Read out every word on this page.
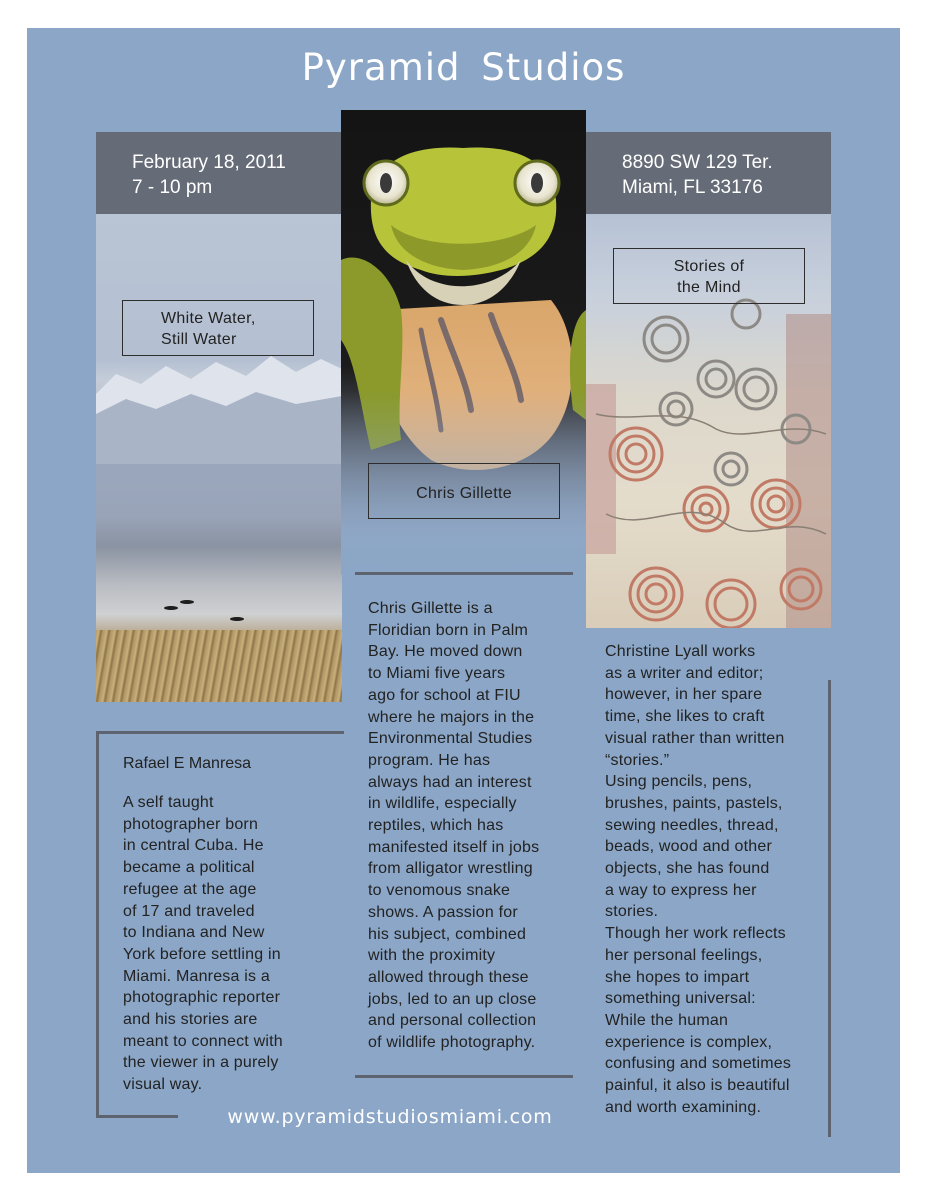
Pyramid Studios
February 18, 2011
7 - 10 pm
8890 SW 129 Ter.
Miami, FL 33176
White Water,
Still Water
Chris Gillette
Stories of
the Mind
Rafael E Manresa
A self taught
photographer born
in central Cuba. He
became a political
refugee at the age
of 17 and traveled
to Indiana and New
York before settling in
Miami. Manresa is a
photographic reporter
and his stories are
meant to connect with
the viewer in a purely
visual way.
Chris Gillette is a
Floridian born in Palm
Bay. He moved down
to Miami five years
ago for school at FIU
where he majors in the
Environmental Studies
program. He has
always had an interest
in wildlife, especially
reptiles, which has
manifested itself in jobs
from alligator wrestling
to venomous snake
shows. A passion for
his subject, combined
with the proximity
allowed through these
jobs, led to an up close
and personal collection
of wildlife photography.
Christine Lyall works
as a writer and editor;
however, in her spare
time, she likes to craft
visual rather than written
“stories.”
Using pencils, pens,
brushes, paints, pastels,
sewing needles, thread,
beads, wood and other
objects, she has found
a way to express her
stories.
Though her work reflects
her personal feelings,
she hopes to impart
something universal:
While the human
experience is complex,
confusing and sometimes
painful, it also is beautiful
and worth examining.
www.pyramidstudiosmiami.com
